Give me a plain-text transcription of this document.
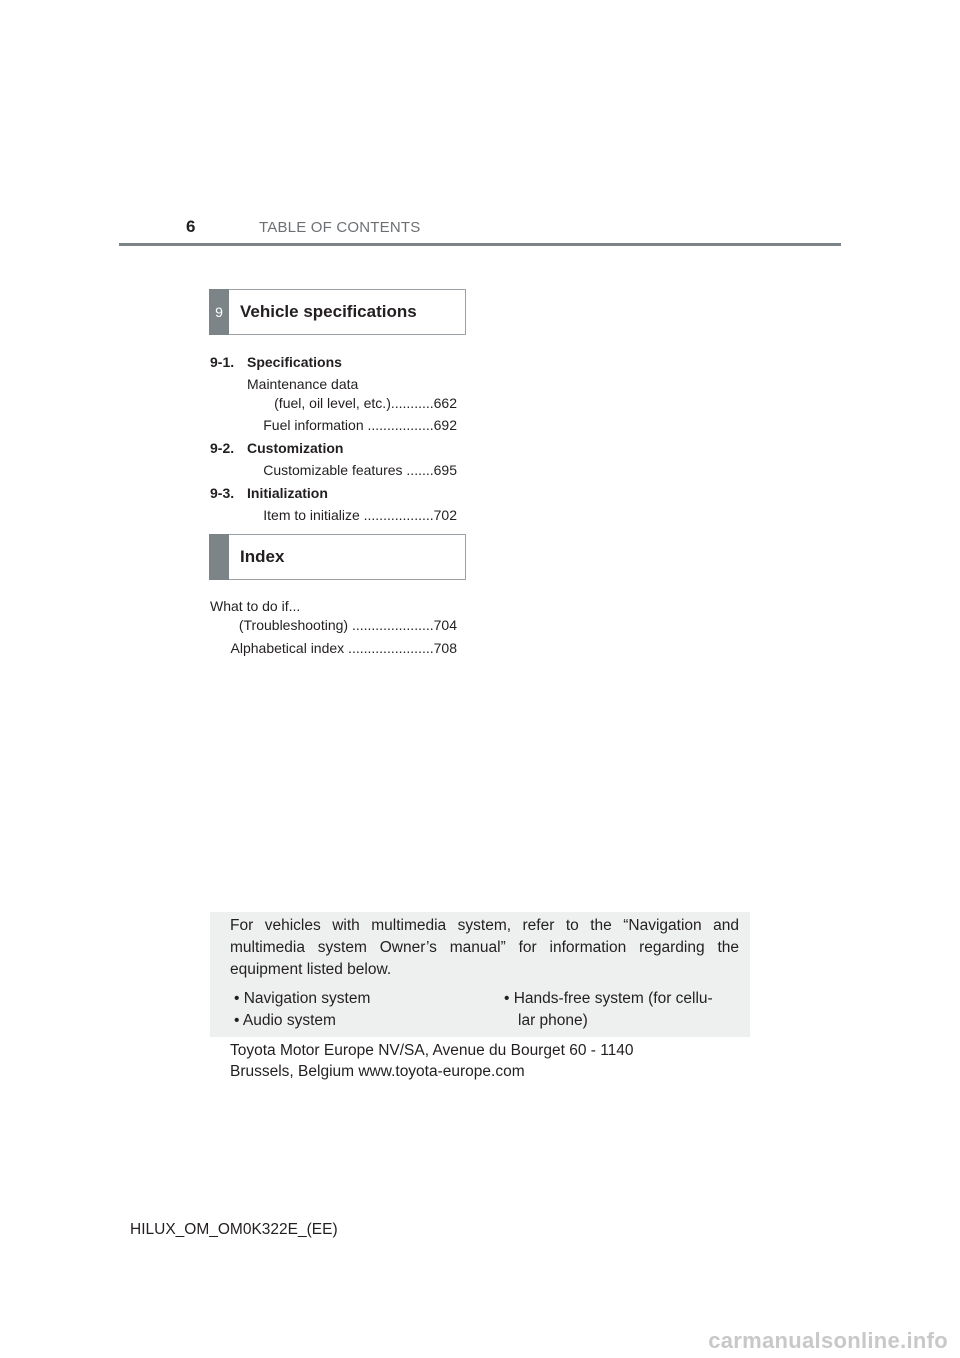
6	TABLE OF CONTENTS
9	Vehicle specifications
9-1. Specifications
Maintenance data
(fuel, oil level, etc.)...........662
Fuel information .................692
9-2. Customization
Customizable features .......695
9-3. Initialization
Item to initialize ..................702
Index
What to do if...
(Troubleshooting) .....................704
Alphabetical index ......................708
For vehicles with multimedia system, refer to the “Navigation and multimedia system Owner’s manual” for information regarding the equipment listed below.
• Navigation system
• Audio system
• Hands-free system (for cellu-
lar phone)
Toyota Motor Europe NV/SA, Avenue du Bourget 60 - 1140
Brussels, Belgium www.toyota-europe.com
HILUX_OM_OM0K322E_(EE)
carmanualsonline.info
